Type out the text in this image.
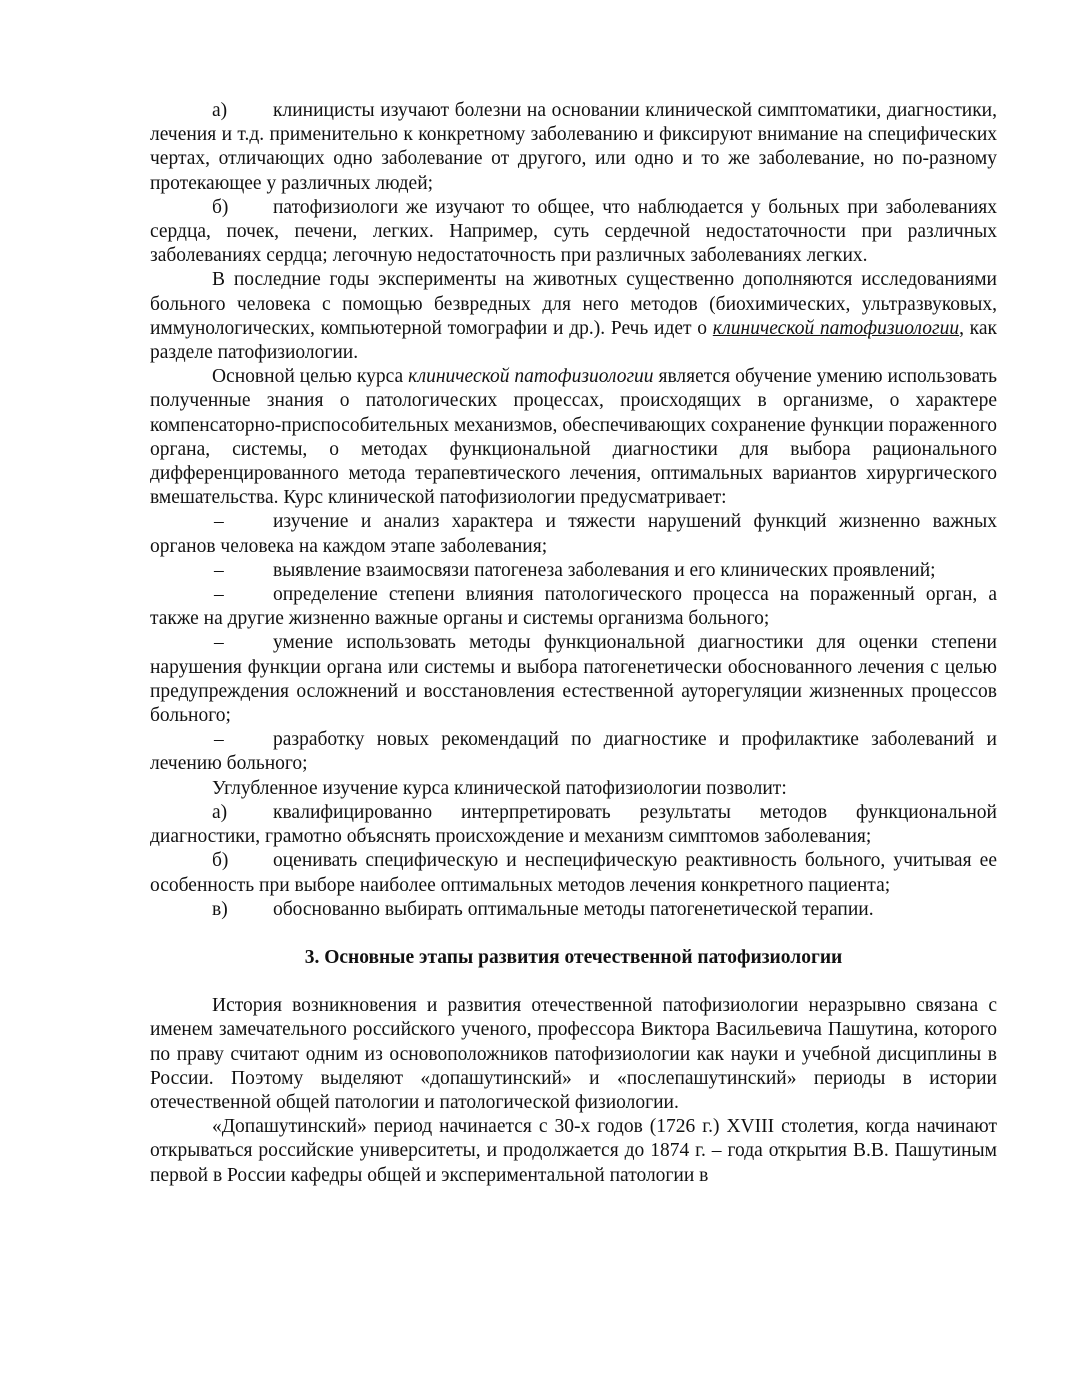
а) клиницисты изучают болезни на основании клинической симптоматики, диагностики, лечения и т.д. применительно к конкретному заболеванию и фиксируют внимание на специфических чертах, отличающих одно заболевание от другого, или одно и то же заболевание, но по-разному протекающее у различных людей;

б) патофизиологи же изучают то общее, что наблюдается у больных при заболеваниях сердца, почек, печени, легких. Например, суть сердечной недостаточности при различных заболеваниях сердца; легочную недостаточность при различных заболеваниях легких.

В последние годы эксперименты на животных существенно дополняются исследованиями больного человека с помощью безвредных для него методов (биохимических, ультразвуковых, иммунологических, компьютерной томографии и др.). Речь идет о клинической патофизиологии, как разделе патофизиологии.

Основной целью курса клинической патофизиологии является обучение умению использовать полученные знания о патологических процессах, происходящих в организме, о характере компенсаторно-приспособительных механизмов, обеспечивающих сохранение функции пораженного органа, системы, о методах функциональной диагностики для выбора рационального дифференцированного метода терапевтического лечения, оптимальных вариантов хирургического вмешательства. Курс клинической патофизиологии предусматривает:

–	изучение и анализ характера и тяжести нарушений функций жизненно важных органов человека на каждом этапе заболевания;

–	выявление взаимосвязи патогенеза заболевания и его клинических проявлений;

–	определение степени влияния патологического процесса на пораженный орган, а также на другие жизненно важные органы и системы организма больного;

–	умение использовать методы функциональной диагностики для оценки степени нарушения функции органа или системы и выбора патогенетически обоснованного лечения с целью предупреждения осложнений и восстановления естественной ауторегуляции жизненных процессов больного;

–	разработку новых рекомендаций по диагностике и профилактике заболеваний и лечению больного;

Углубленное изучение курса клинической патофизиологии позволит:

а) квалифицированно интерпретировать результаты методов функциональной диагностики, грамотно объяснять происхождение и механизм симптомов заболевания;

б) оценивать специфическую и неспецифическую реактивность больного, учитывая ее особенность при выборе наиболее оптимальных методов лечения конкретного пациента;

в) обоснованно выбирать оптимальные методы патогенетической терапии.

3. Основные этапы развития отечественной патофизиологии

История возникновения и развития отечественной патофизиологии неразрывно связана с именем замечательного российского ученого, профессора Виктора Васильевича Пашутина, которого по праву считают одним из основоположников патофизиологии как науки и учебной дисциплины в России. Поэтому выделяют «допашутинский» и «послепашутинский» периоды в истории отечественной общей патологии и патологической физиологии.

«Допашутинский» период начинается с 30-х годов (1726 г.) XVIII столетия, когда начинают открываться российские университеты, и продолжается до 1874 г. – года открытия В.В. Пашутиным первой в России кафедры общей и экспериментальной патологии в
